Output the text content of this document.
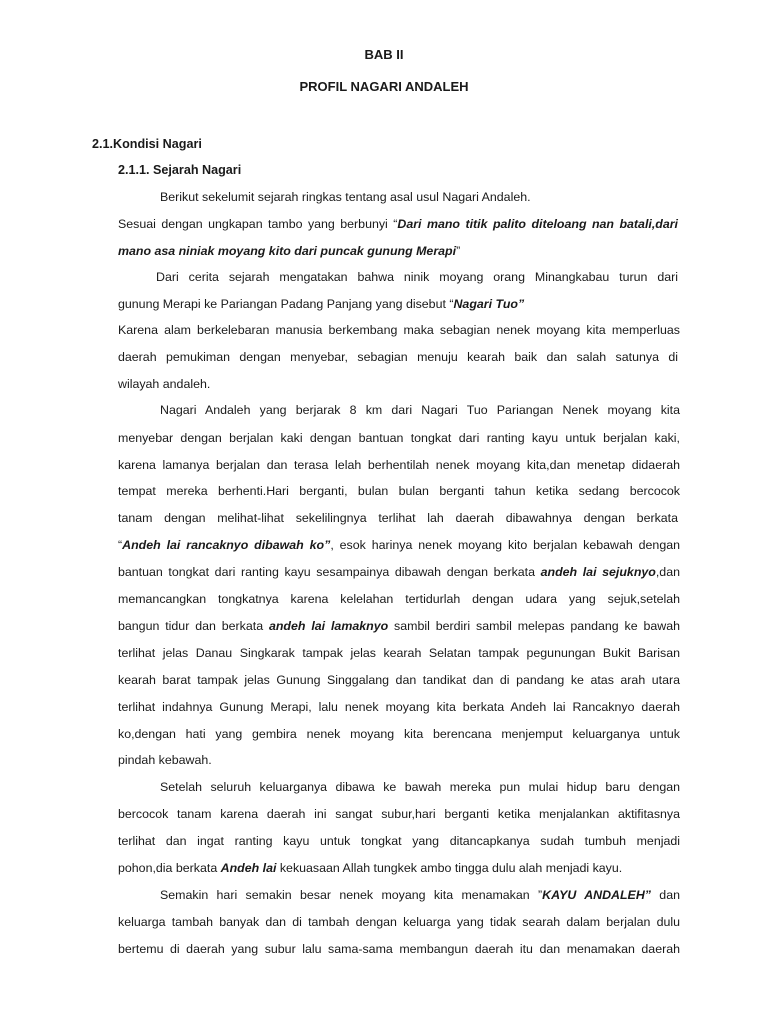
BAB II
PROFIL NAGARI ANDALEH
2.1.Kondisi Nagari
2.1.1. Sejarah Nagari
Berikut sekelumit sejarah ringkas tentang asal usul Nagari Andaleh.
Sesuai dengan ungkapan tambo yang berbunyi “Dari mano titik palito diteloang nan batali,dari
mano asa niniak moyang kito dari puncak gunung Merapi”
Dari cerita sejarah mengatakan bahwa ninik moyang orang Minangkabau turun dari
gunung Merapi ke Pariangan Padang Panjang yang disebut “Nagari Tuo”
Karena alam berkelebaran manusia berkembang maka sebagian nenek moyang kita memperluas
daerah pemukiman dengan menyebar, sebagian menuju kearah baik dan salah satunya di
wilayah andaleh.
Nagari Andaleh yang berjarak 8 km dari Nagari Tuo Pariangan Nenek moyang kita
menyebar dengan berjalan kaki dengan bantuan tongkat dari ranting kayu untuk berjalan kaki,
karena lamanya berjalan dan terasa lelah berhentilah nenek moyang kita,dan menetap didaerah
tempat mereka berhenti.Hari berganti, bulan bulan berganti tahun ketika sedang bercocok
tanam dengan melihat-lihat sekelilingnya terlihat lah daerah dibawahnya dengan berkata
“Andeh lai rancaknyo dibawah ko”, esok harinya nenek moyang kito berjalan kebawah dengan
bantuan tongkat dari ranting kayu sesampainya dibawah dengan berkata andeh lai sejuknyo,dan
memancangkan tongkatnya karena kelelahan tertidurlah dengan udara yang sejuk,setelah
bangun tidur dan berkata andeh lai lamaknyo sambil berdiri sambil melepas pandang ke bawah
terlihat jelas Danau Singkarak tampak jelas kearah Selatan tampak pegunungan Bukit Barisan
kearah barat tampak jelas Gunung Singgalang dan tandikat dan di pandang ke atas arah utara
terlihat indahnya Gunung Merapi, lalu nenek moyang kita berkata Andeh lai Rancaknyo daerah
ko,dengan hati yang gembira nenek moyang kita berencana menjemput keluarganya untuk
pindah kebawah.
Setelah seluruh keluarganya dibawa ke bawah mereka pun mulai hidup baru dengan
bercocok tanam karena daerah ini sangat subur,hari berganti ketika menjalankan aktifitasnya
terlihat dan ingat ranting kayu untuk tongkat yang ditancapkanya sudah tumbuh menjadi
pohon,dia berkata Andeh lai kekuasaan Allah tungkek ambo tingga dulu alah menjadi kayu.
Semakin hari semakin besar nenek moyang kita menamakan ”KAYU ANDALEH” dan
keluarga tambah banyak dan di tambah dengan keluarga yang tidak searah dalam berjalan dulu
bertemu di daerah yang subur lalu sama-sama membangun daerah itu dan menamakan daerah
